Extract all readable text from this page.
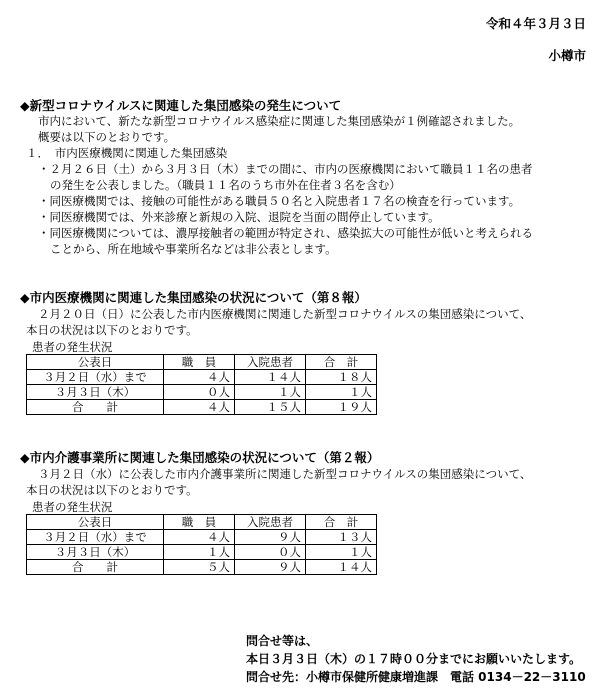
令和４年３月３日
小樽市
◆新型コロナウイルスに関連した集団感染の発生について
市内において、新たな新型コロナウイルス感染症に関連した集団感染が１例確認されました。
概要は以下のとおりです。
１．　市内医療機関に関連した集団感染
・２月２６日（土）から３月３日（木）までの間に、市内の医療機関において職員１１名の患者
の発生を公表しました。（職員１１名のうち市外在住者３名を含む）
・同医療機関では、接触の可能性がある職員５０名と入院患者１７名の検査を行っています。
・同医療機関では、外来診療と新規の入院、退院を当面の間停止しています。
・同医療機関については、濃厚接触者の範囲が特定され、感染拡大の可能性が低いと考えられる
ことから、所在地域や事業所名などは非公表とします。
◆市内医療機関に関連した集団感染の状況について（第８報）
２月２０日（日）に公表した市内医療機関に関連した新型コロナウイルスの集団感染について、
本日の状況は以下のとおりです。
患者の発生状況
公表日	職　員	入院患者	合　計
３月２日（水）まで	４人	１４人	１８人
３月３日（木）	０人	１人	１人
合　　計	４人	１５人	１９人
◆市内介護事業所に関連した集団感染の状況について（第２報）
３月２日（水）に公表した市内介護事業所に関連した新型コロナウイルスの集団感染について、
本日の状況は以下のとおりです。
患者の発生状況
公表日	職　員	入院患者	合　計
３月２日（水）まで	４人	９人	１３人
３月３日（木）	１人	０人	１人
合　　計	５人	９人	１４人
問合せ等は、
本日３月３日（木）の１７時００分までにお願いいたします。
問合せ先：小樽市保健所健康増進課　電話 0134－22－3110
